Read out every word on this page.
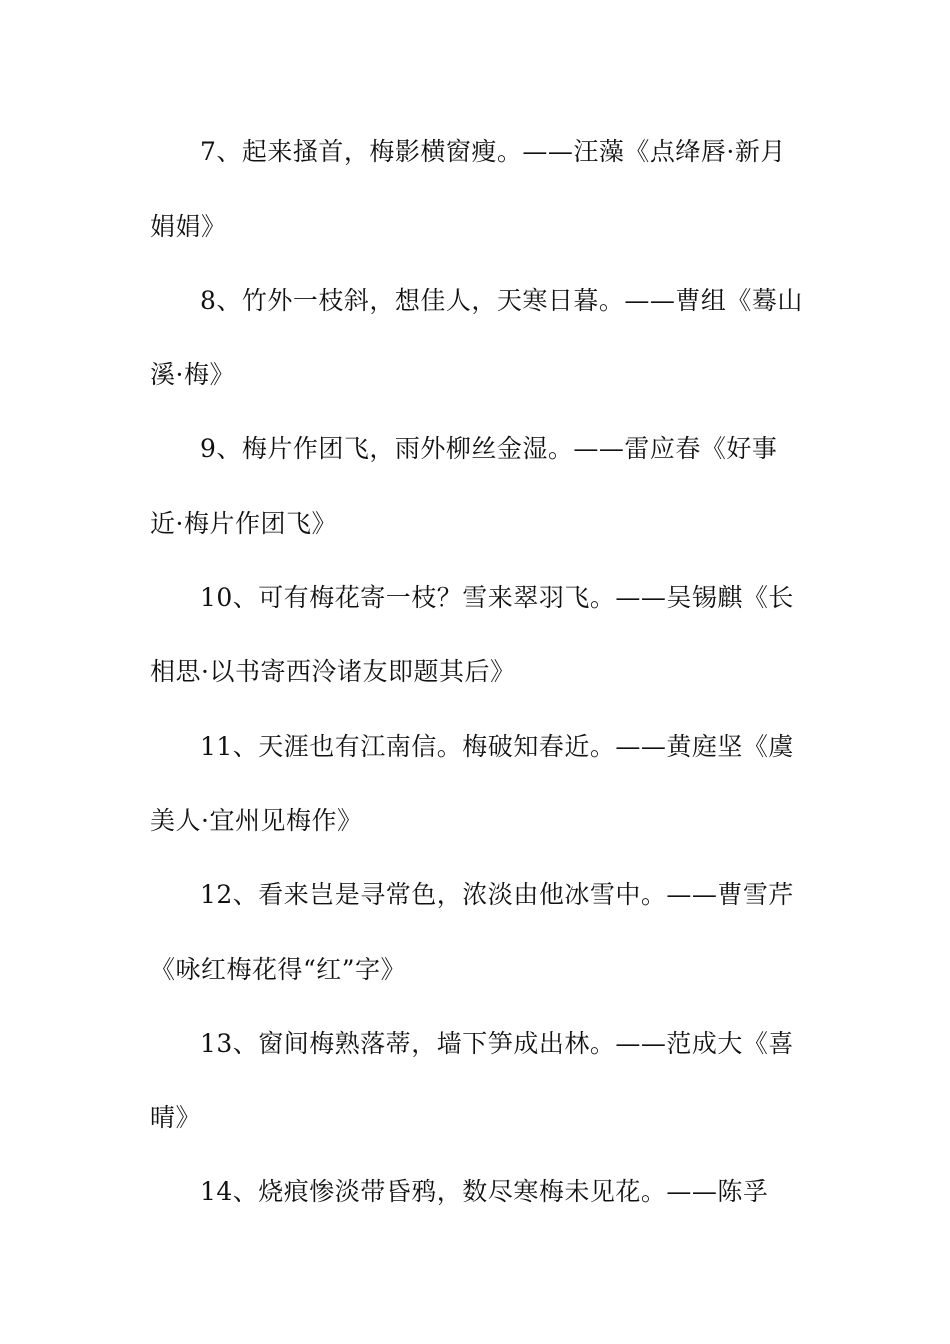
7、起来搔首，梅影横窗瘦。——汪藻《点绛唇·新月
娟娟》
8、竹外一枝斜，想佳人，天寒日暮。——曹组《蓦山
溪·梅》
9、梅片作团飞，雨外柳丝金湿。——雷应春《好事
近·梅片作团飞》
10、可有梅花寄一枝？雪来翠羽飞。——吴锡麒《长
相思·以书寄西泠诸友即题其后》
11、天涯也有江南信。梅破知春近。——黄庭坚《虞
美人·宜州见梅作》
12、看来岂是寻常色，浓淡由他冰雪中。——曹雪芹
《咏红梅花得“红”字》
13、窗间梅熟落蒂，墙下笋成出林。——范成大《喜
晴》
14、烧痕惨淡带昏鸦，数尽寒梅未见花。——陈孚
